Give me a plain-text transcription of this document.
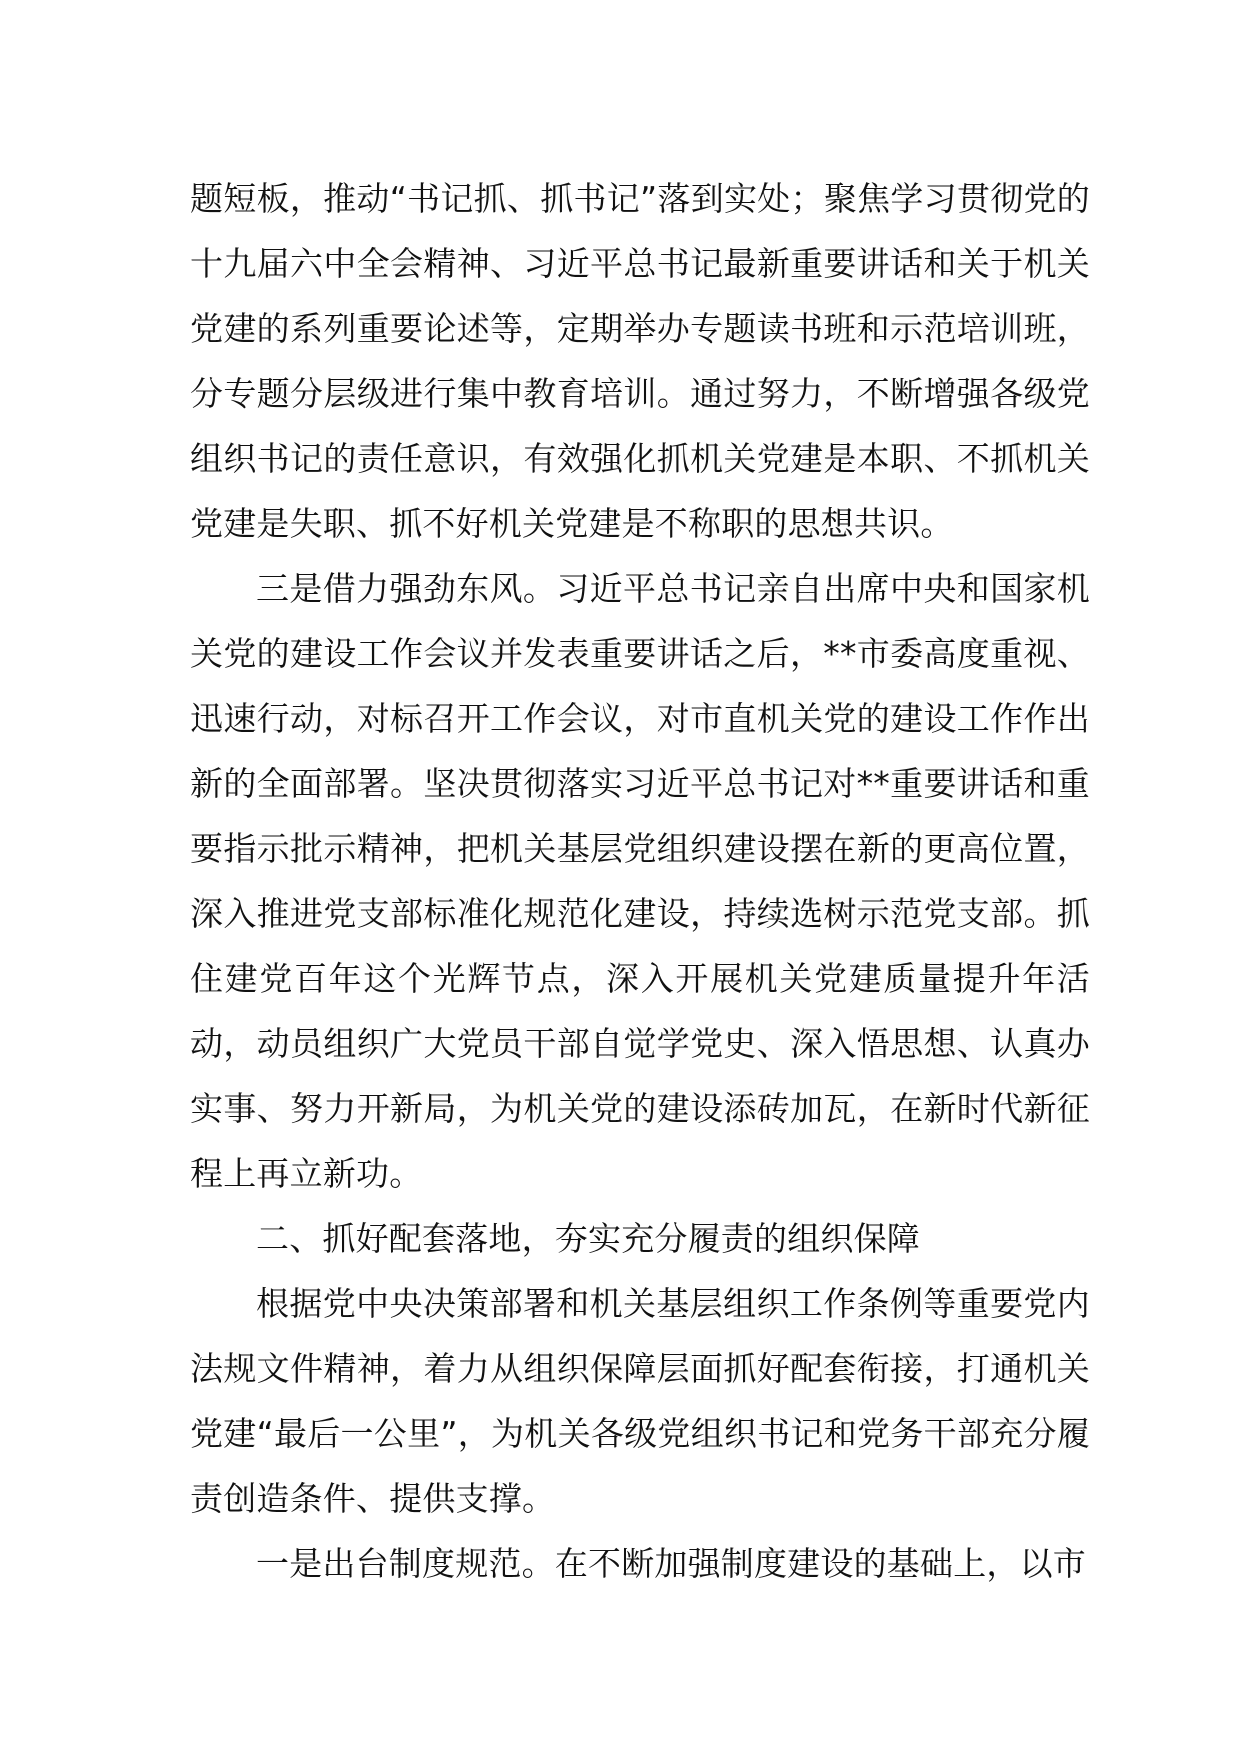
题短板，推动“书记抓、抓书记”落到实处；聚焦学习贯彻党的十九届六中全会精神、习近平总书记最新重要讲话和关于机关党建的系列重要论述等，定期举办专题读书班和示范培训班，分专题分层级进行集中教育培训。通过努力，不断增强各级党组织书记的责任意识，有效强化抓机关党建是本职、不抓机关党建是失职、抓不好机关党建是不称职的思想共识。

三是借力强劲东风。习近平总书记亲自出席中央和国家机关党的建设工作会议并发表重要讲话之后，**市委高度重视、迅速行动，对标召开工作会议，对市直机关党的建设工作作出新的全面部署。坚决贯彻落实习近平总书记对**重要讲话和重要指示批示精神，把机关基层党组织建设摆在新的更高位置，深入推进党支部标准化规范化建设，持续选树示范党支部。抓住建党百年这个光辉节点，深入开展机关党建质量提升年活动，动员组织广大党员干部自觉学党史、深入悟思想、认真办实事、努力开新局，为机关党的建设添砖加瓦，在新时代新征程上再立新功。

二、抓好配套落地，夯实充分履责的组织保障

根据党中央决策部署和机关基层组织工作条例等重要党内法规文件精神，着力从组织保障层面抓好配套衔接，打通机关党建“最后一公里”，为机关各级党组织书记和党务干部充分履责创造条件、提供支撑。

一是出台制度规范。在不断加强制度建设的基础上，以市
